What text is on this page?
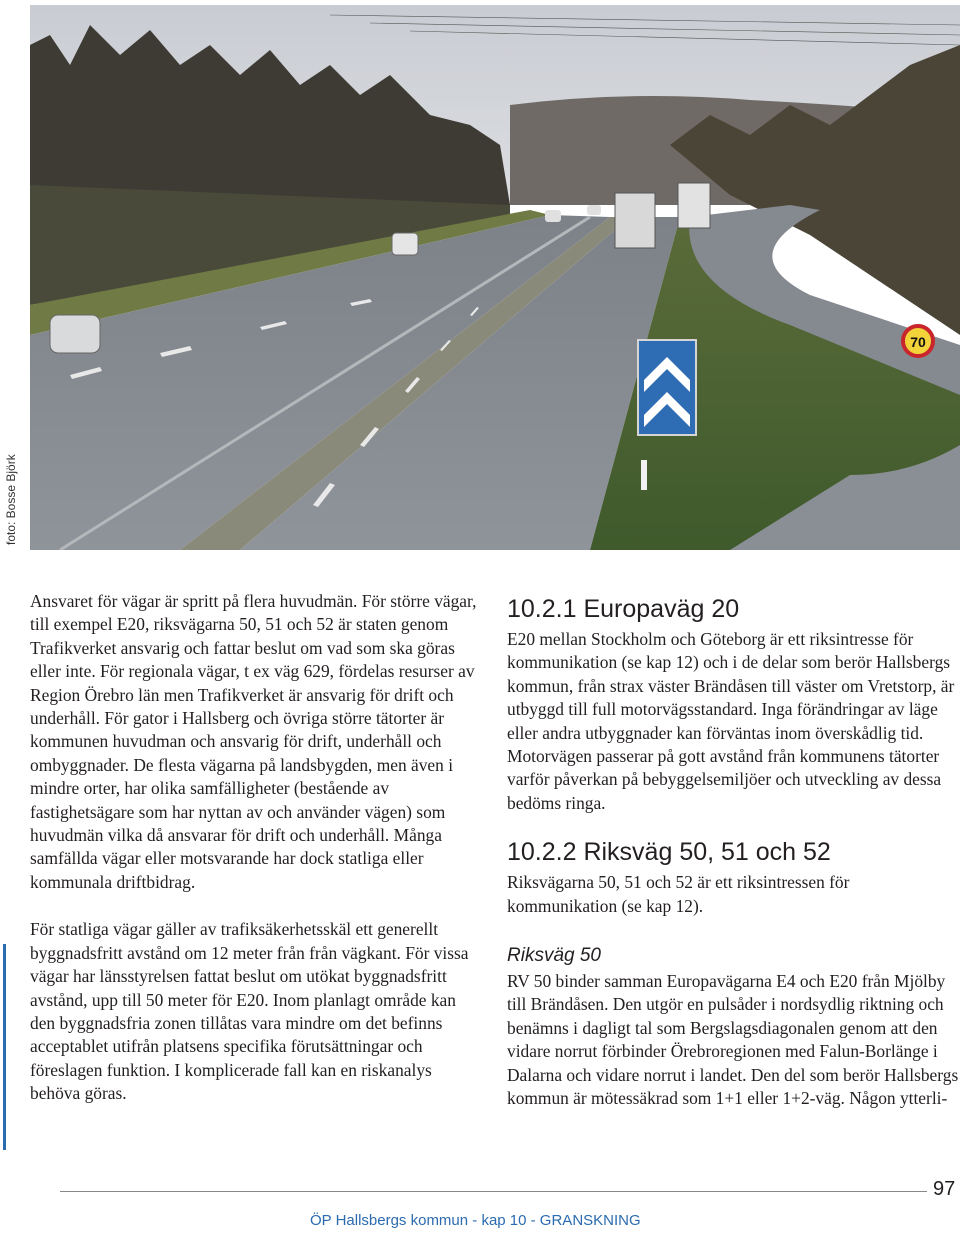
70
foto: Bosse Björk

Ansvaret för vägar är spritt på flera huvudmän. För större vägar, till exempel E20, riksvägarna 50, 51 och 52 är staten genom Trafikverket ansvarig och fattar beslut om vad som ska göras eller inte. För regionala vägar, t ex väg 629, fördelas resurser av Region Örebro län men Trafikverket är ansvarig för drift och underhåll. För gator i Hallsberg och övriga större tätorter är kommunen huvudman och ansvarig för drift, underhåll och ombyggnader. De flesta vägarna på landsbygden, men även i mindre orter, har olika samfälligheter (bestående av fastighetsägare som har nyttan av och använder vägen) som huvudmän vilka då ansvarar för drift och underhåll. Många samfällda vägar eller motsvarande har dock statliga eller kommunala driftbidrag.

För statliga vägar gäller av trafiksäkerhetsskäl ett generellt byggnadsfritt avstånd om 12 meter från från vägkant. För vissa vägar har länsstyrelsen fattat beslut om utökat byggnadsfritt avstånd, upp till 50 meter för E20. Inom planlagt område kan den byggnadsfria zonen tillåtas vara mindre om det befinns acceptablet utifrån platsens specifika förutsättningar och föreslagen funktion. I komplicerade fall kan en riskanalys behöva göras.

10.2.1 Europaväg 20

E20 mellan Stockholm och Göteborg är ett riksintresse för kommunikation (se kap 12) och i de delar som berör Hallsbergs kommun, från strax väster Brändåsen till väster om Vretstorp, är utbyggd till full motorvägsstandard. Inga förändringar av läge eller andra utbyggnader kan förväntas inom överskådlig tid. Motorvägen passerar på gott avstånd från kommunens tätorter varför påverkan på bebyggelsemiljöer och utveckling av dessa bedöms ringa.

10.2.2 Riksväg 50, 51 och 52

Riksvägarna 50, 51 och 52 är ett riksintressen för kommunikation (se kap 12).

Riksväg 50

RV 50 binder samman Europavägarna E4 och E20 från Mjölby till Brändåsen. Den utgör en pulsåder i nordsydlig riktning och benämns i dagligt tal som Bergslagsdiagonalen genom att den vidare norrut förbinder Örebroregionen med Falun-Borlänge i Dalarna och vidare norrut i landet. Den del som berör Hallsbergs kommun är mötessäkrad som 1+1 eller 1+2-väg. Någon ytterli-

97
ÖP Hallsbergs kommun - kap 10 - GRANSKNING
